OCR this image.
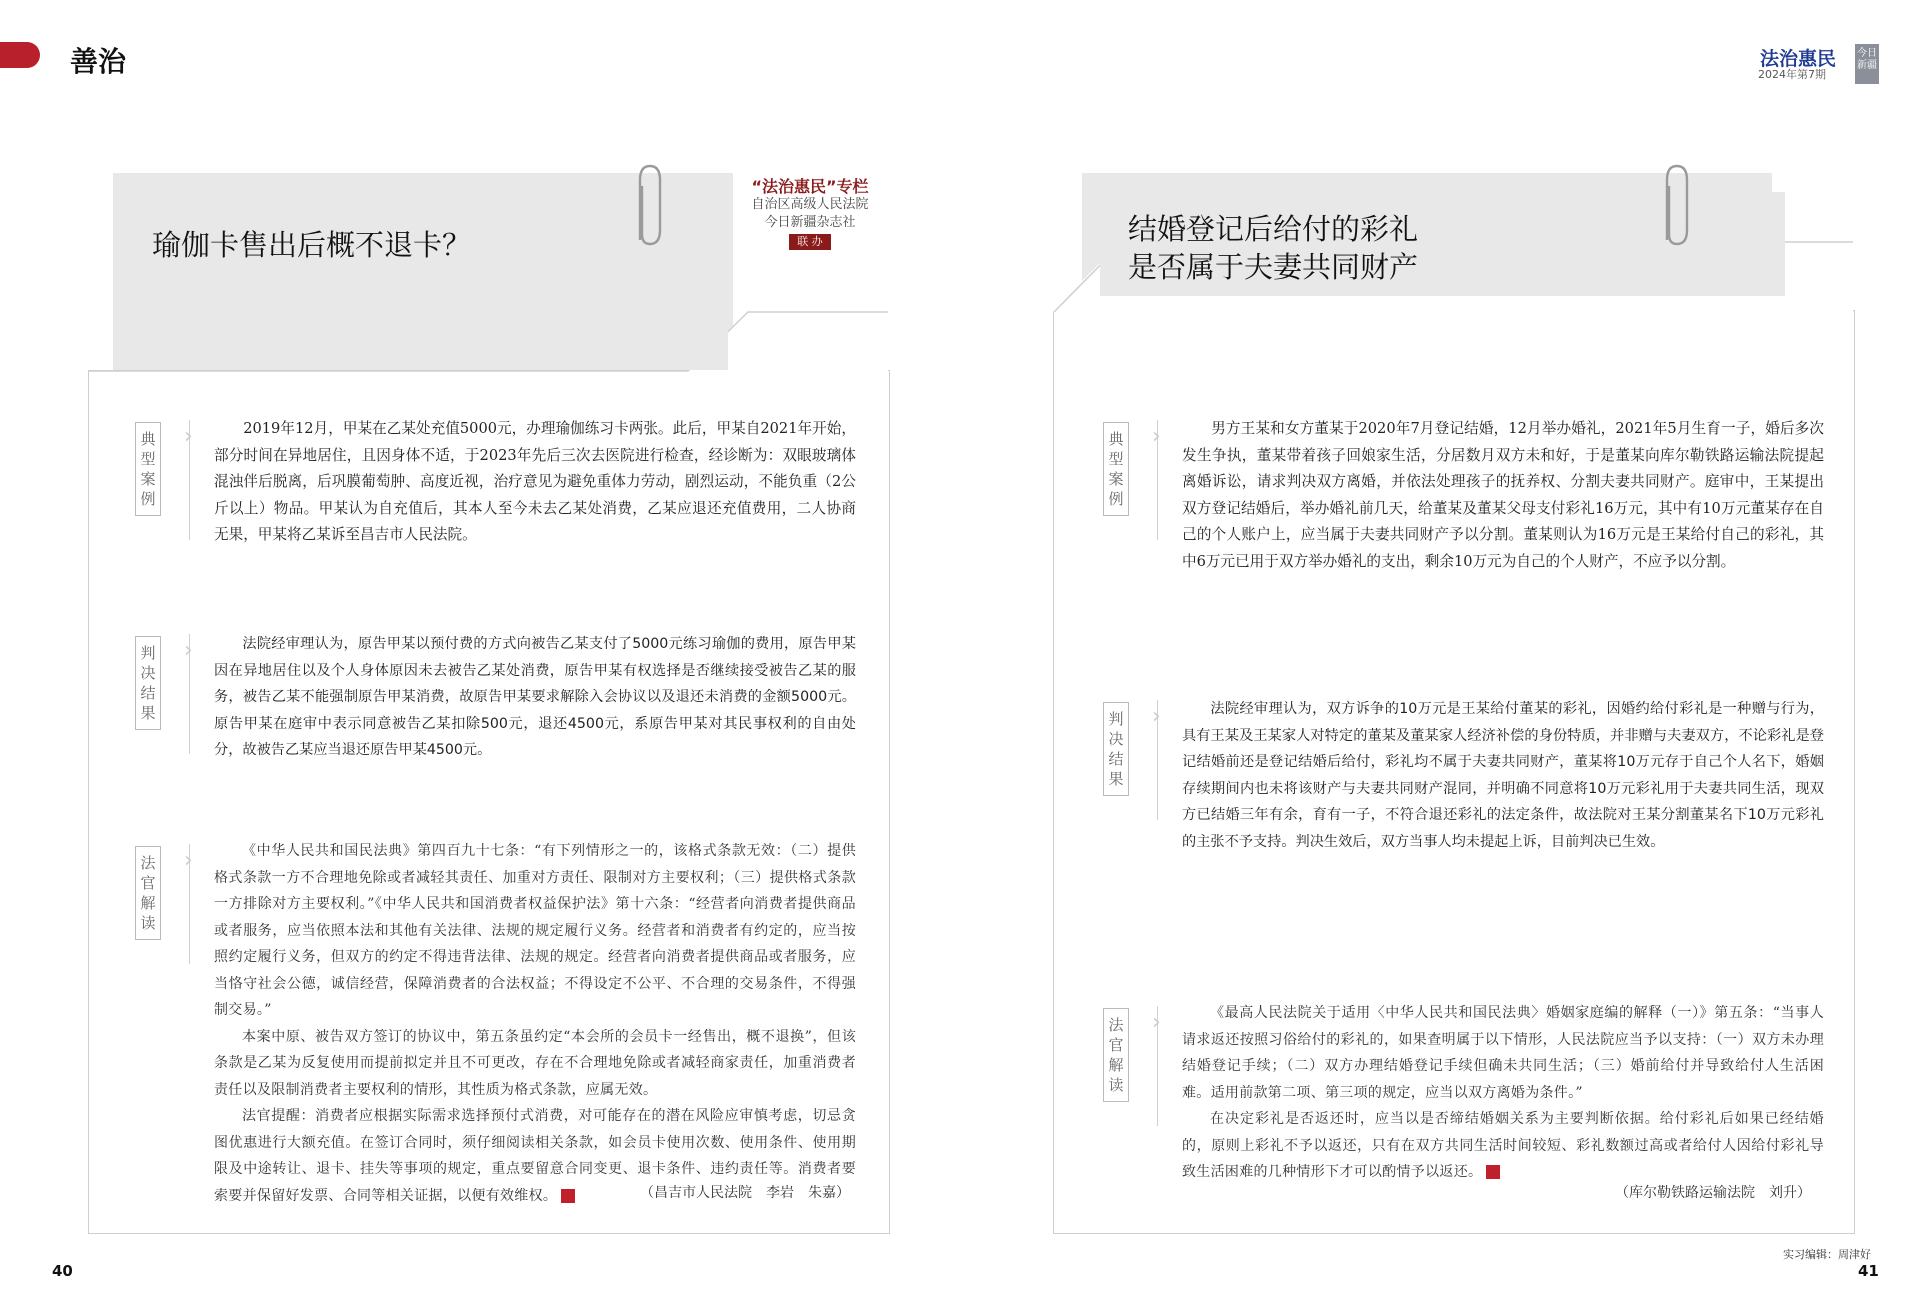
善治	法治惠民
2024年第7期
今日新疆
瑜伽卡售出后概不退卡？
“法治惠民”专栏
自治区高级人民法院
今日新疆杂志社
联 办
典型案例
›	2019年12月，甲某在乙某处充值5000元，办理瑜伽练习卡两张。此后，甲某自2021年开始，部分时间在异地居住，且因身体不适，于2023年先后三次去医院进行检查，经诊断为：双眼玻璃体混浊伴后脱离，后巩膜葡萄肿、高度近视，治疗意见为避免重体力劳动，剧烈运动，不能负重（2公斤以上）物品。甲某认为自充值后，其本人至今未去乙某处消费，乙某应退还充值费用，二人协商无果，甲某将乙某诉至昌吉市人民法院。

判决结果
›	法院经审理认为，原告甲某以预付费的方式向被告乙某支付了5000元练习瑜伽的费用，原告甲某因在异地居住以及个人身体原因未去被告乙某处消费，原告甲某有权选择是否继续接受被告乙某的服务，被告乙某不能强制原告甲某消费，故原告甲某要求解除入会协议以及退还未消费的金额5000元。原告甲某在庭审中表示同意被告乙某扣除500元，退还4500元，系原告甲某对其民事权利的自由处分，故被告乙某应当退还原告甲某4500元。

法官解读
›	《中华人民共和国民法典》第四百九十七条：“有下列情形之一的，该格式条款无效：（二）提供格式条款一方不合理地免除或者减轻其责任、加重对方责任、限制对方主要权利；（三）提供格式条款一方排除对方主要权利。”《中华人民共和国消费者权益保护法》第十六条：“经营者向消费者提供商品或者服务，应当依照本法和其他有关法律、法规的规定履行义务。经营者和消费者有约定的，应当按照约定履行义务，但双方的约定不得违背法律、法规的规定。经营者向消费者提供商品或者服务，应当恪守社会公德，诚信经营，保障消费者的合法权益；不得设定不公平、不合理的交易条件，不得强制交易。”

本案中原、被告双方签订的协议中，第五条虽约定“本会所的会员卡一经售出，概不退换”，但该条款是乙某为反复使用而提前拟定并且不可更改，存在不合理地免除或者减轻商家责任，加重消费者责任以及限制消费者主要权利的情形，其性质为格式条款，应属无效。

法官提醒：消费者应根据实际需求选择预付式消费，对可能存在的潜在风险应审慎考虑，切忌贪图优惠进行大额充值。在签订合同时，须仔细阅读相关条款，如会员卡使用次数、使用条件、使用期限及中途转让、退卡、挂失等事项的规定，重点要留意合同变更、退卡条件、违约责任等。消费者要索要并保留好发票、合同等相关证据，以便有效维权。	J	（昌吉市人民法院　李岩　朱嘉）
40
结婚登记后给付的彩礼
是否属于夫妻共同财产
典型案例
›	男方王某和女方董某于2020年7月登记结婚，12月举办婚礼，2021年5月生育一子，婚后多次发生争执，董某带着孩子回娘家生活，分居数月双方未和好，于是董某向库尔勒铁路运输法院提起离婚诉讼，请求判决双方离婚，并依法处理孩子的抚养权、分割夫妻共同财产。庭审中，王某提出双方登记结婚后，举办婚礼前几天，给董某及董某父母支付彩礼16万元，其中有10万元董某存在自己的个人账户上，应当属于夫妻共同财产予以分割。董某则认为16万元是王某给付自己的彩礼，其中6万元已用于双方举办婚礼的支出，剩余10万元为自己的个人财产，不应予以分割。

判决结果
›	法院经审理认为，双方诉争的10万元是王某给付董某的彩礼，因婚约给付彩礼是一种赠与行为，具有王某及王某家人对特定的董某及董某家人经济补偿的身份特质，并非赠与夫妻双方，不论彩礼是登记结婚前还是登记结婚后给付，彩礼均不属于夫妻共同财产，董某将10万元存于自己个人名下，婚姻存续期间内也未将该财产与夫妻共同财产混同，并明确不同意将10万元彩礼用于夫妻共同生活，现双方已结婚三年有余，育有一子，不符合退还彩礼的法定条件，故法院对王某分割董某名下10万元彩礼的主张不予支持。判决生效后，双方当事人均未提起上诉，目前判决已生效。

法官解读
›	《最高人民法院关于适用〈中华人民共和国民法典〉婚姻家庭编的解释（一）》第五条：“当事人请求返还按照习俗给付的彩礼的，如果查明属于以下情形，人民法院应当予以支持：（一）双方未办理结婚登记手续；（二）双方办理结婚登记手续但确未共同生活；（三）婚前给付并导致给付人生活困难。适用前款第二项、第三项的规定，应当以双方离婚为条件。”

在决定彩礼是否返还时，应当以是否缔结婚姻关系为主要判断依据。给付彩礼后如果已经结婚的，原则上彩礼不予以返还，只有在双方共同生活时间较短、彩礼数额过高或者给付人因给付彩礼导致生活困难的几种情形下才可以酌情予以返还。	J

（库尔勒铁路运输法院　刘升）
实习编辑：周津好
41
